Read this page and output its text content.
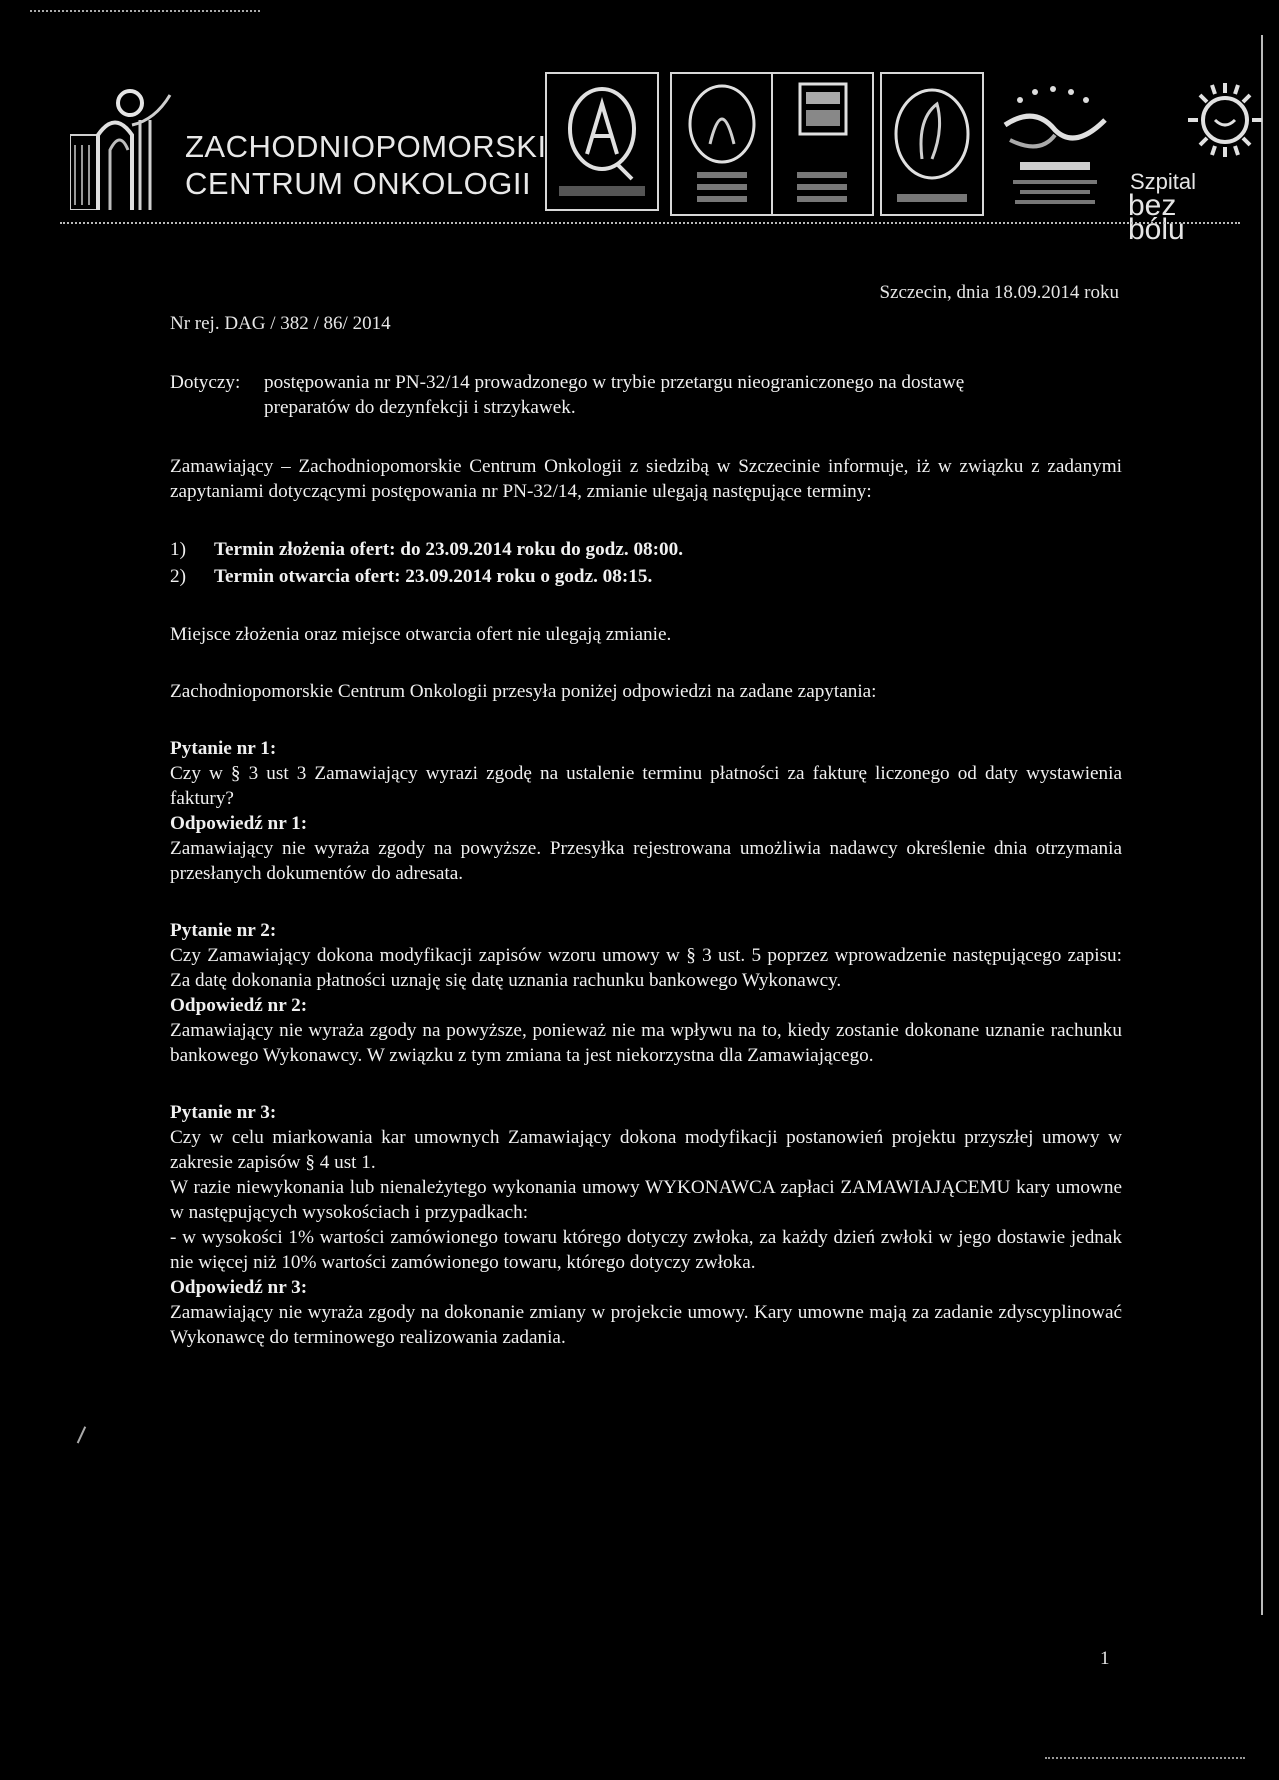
ZACHODNIOPOMORSKIE
CENTRUM ONKOLOGII	Szpital
bez bólu
Szczecin, dnia 18.09.2014 roku
Nr rej. DAG / 382 / 86/ 2014
Dotyczy:	postępowania nr PN-32/14 prowadzonego w trybie przetargu nieograniczonego na dostawę
preparatów do dezynfekcji i strzykawek.

Zamawiający – Zachodniopomorskie Centrum Onkologii z siedzibą w Szczecinie informuje, iż w związku z zadanymi zapytaniami dotyczącymi postępowania nr PN-32/14, zmianie ulegają następujące terminy:

1)	Termin złożenia ofert: do 23.09.2014 roku do godz. 08:00.
2)	Termin otwarcia ofert: 23.09.2014 roku o godz. 08:15.

Miejsce złożenia oraz miejsce otwarcia ofert nie ulegają zmianie.

Zachodniopomorskie Centrum Onkologii przesyła poniżej odpowiedzi na zadane zapytania:

Pytanie nr 1:

Czy w § 3 ust 3 Zamawiający wyrazi zgodę na ustalenie terminu płatności za fakturę liczonego od daty wystawienia faktury?

Odpowiedź nr 1:

Zamawiający nie wyraża zgody na powyższe. Przesyłka rejestrowana umożliwia nadawcy określenie dnia otrzymania przesłanych dokumentów do adresata.

Pytanie nr 2:

Czy Zamawiający dokona modyfikacji zapisów wzoru umowy w § 3 ust. 5 poprzez wprowadzenie następującego zapisu: Za datę dokonania płatności uznaję się datę uznania rachunku bankowego Wykonawcy.

Odpowiedź nr 2:

Zamawiający nie wyraża zgody na powyższe, ponieważ nie ma wpływu na to, kiedy zostanie dokonane uznanie rachunku bankowego Wykonawcy. W związku z tym zmiana ta jest niekorzystna dla Zamawiającego.

Pytanie nr 3:

Czy w celu miarkowania kar umownych Zamawiający dokona modyfikacji postanowień projektu przyszłej umowy w zakresie zapisów § 4 ust 1.

W razie niewykonania lub nienależytego wykonania umowy WYKONAWCA zapłaci ZAMAWIAJĄCEMU kary umowne w następujących wysokościach i przypadkach:

- w wysokości 1% wartości zamówionego towaru którego dotyczy zwłoka, za każdy dzień zwłoki w jego dostawie jednak nie więcej niż 10% wartości zamówionego towaru, którego dotyczy zwłoka.

Odpowiedź nr 3:

Zamawiający nie wyraża zgody na dokonanie zmiany w projekcie umowy. Kary umowne mają za zadanie zdyscyplinować Wykonawcę do terminowego realizowania zadania.

1
